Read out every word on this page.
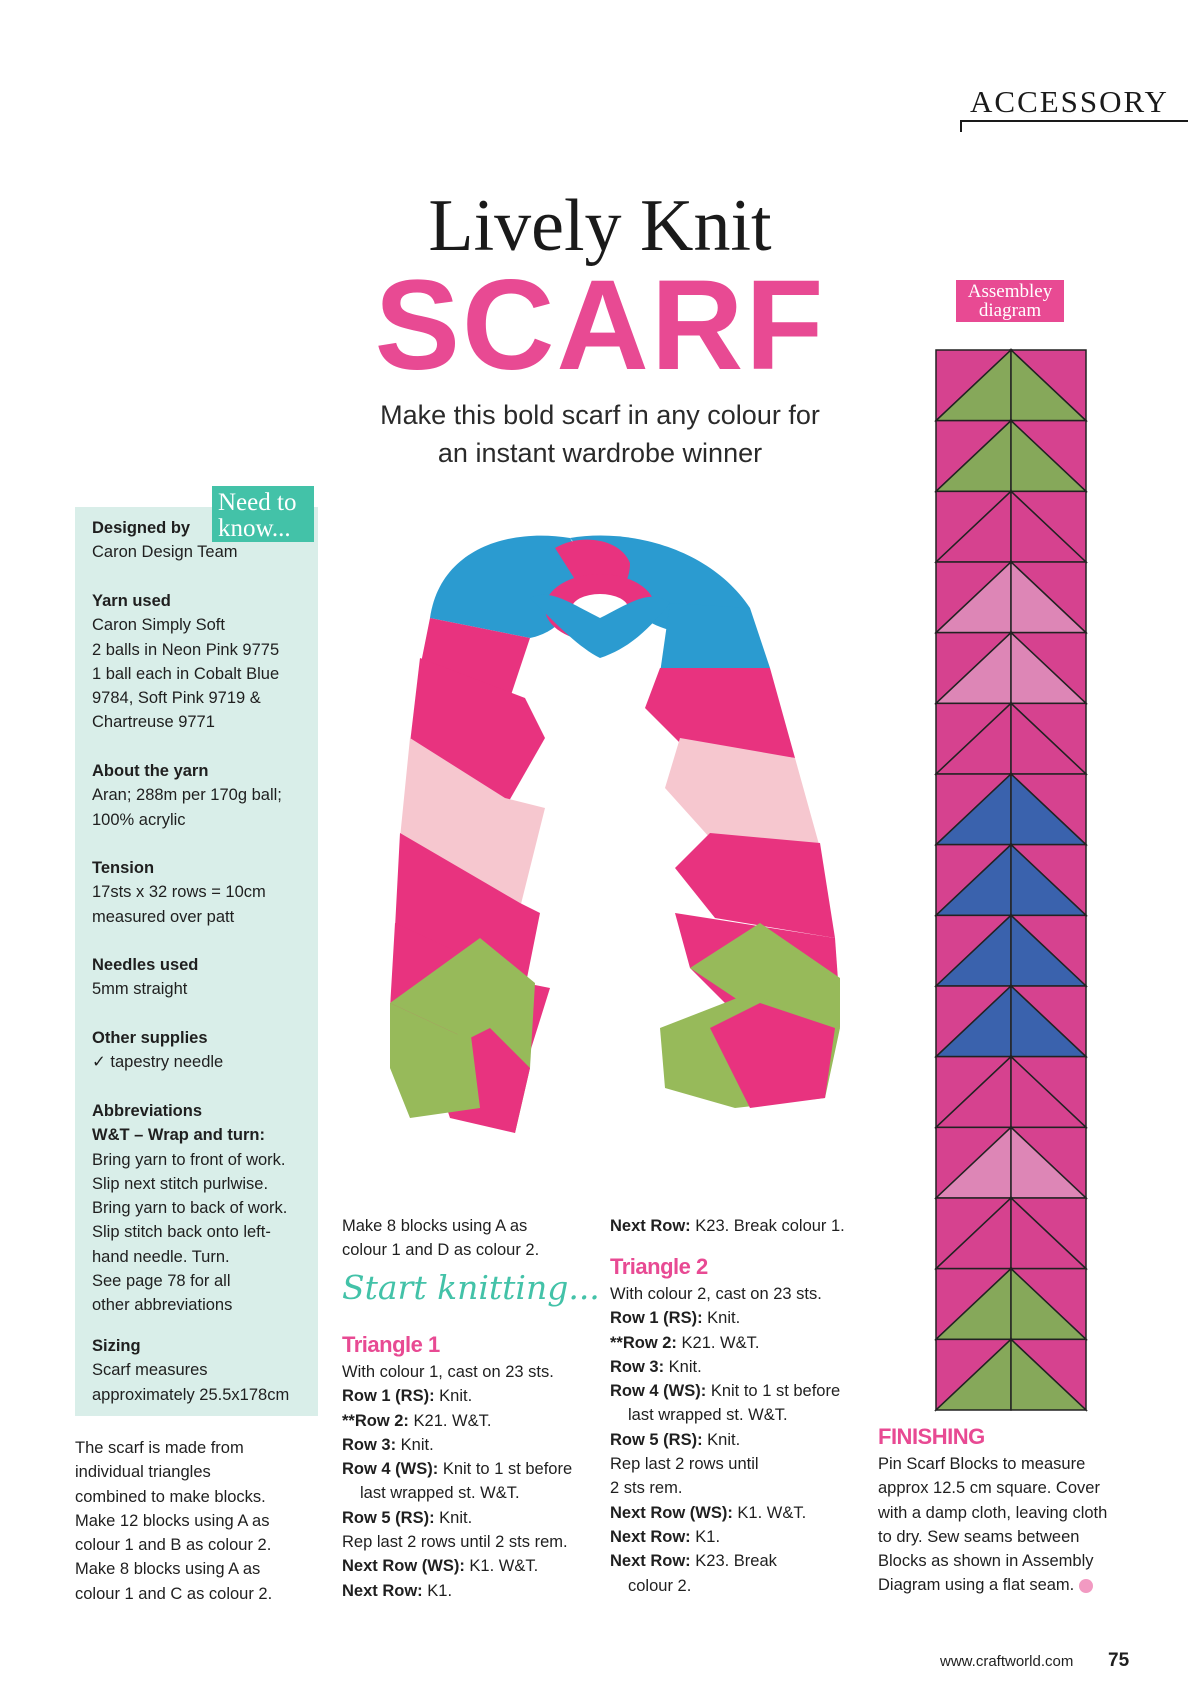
ACCESSORY
Lively Knit
SCARF
Make this bold scarf in any colour for
an instant wardrobe winner
Need to
know...
Designed by
Caron Design Team
Yarn used
Caron Simply Soft
2 balls in Neon Pink 9775
1 ball each in Cobalt Blue
9784, Soft Pink 9719 &
Chartreuse 9771
About the yarn
Aran; 288m per 170g ball;
100% acrylic
Tension
17sts x 32 rows = 10cm
measured over patt
Needles used
5mm straight
Other supplies
✓ tapestry needle
Abbreviations
W&T – Wrap and turn:
Bring yarn to front of work.
Slip next stitch purlwise.
Bring yarn to back of work.
Slip stitch back onto left-
hand needle. Turn.
See page 78 for all
other abbreviations
Sizing
Scarf measures
approximately 25.5x178cm
The scarf is made from
individual triangles
combined to make blocks.
Make 12 blocks using A as
colour 1 and B as colour 2.
Make 8 blocks using A as
colour 1 and C as colour 2.
Assembley
diagram
Make 8 blocks using A as
colour 1 and D as colour 2.
Start knitting...
Triangle 1
With colour 1, cast on 23 sts.
Row 1 (RS): Knit.
**Row 2: K21. W&T.
Row 3: Knit.
Row 4 (WS): Knit to 1 st before
last wrapped st. W&T.
Row 5 (RS): Knit.
Rep last 2 rows until 2 sts rem.
Next Row (WS): K1. W&T.
Next Row: K1.
Next Row: K23. Break colour 1.
Triangle 2
With colour 2, cast on 23 sts.
Row 1 (RS): Knit.
**Row 2: K21. W&T.
Row 3: Knit.
Row 4 (WS): Knit to 1 st before
last wrapped st. W&T.
Row 5 (RS): Knit.
Rep last 2 rows until
2 sts rem.
Next Row (WS): K1. W&T.
Next Row: K1.
Next Row: K23. Break
colour 2.
FINISHING
Pin Scarf Blocks to measure
approx 12.5 cm square. Cover
with a damp cloth, leaving cloth
to dry. Sew seams between
Blocks as shown in Assembly
Diagram using a flat seam.
www.craftworld.com 75
